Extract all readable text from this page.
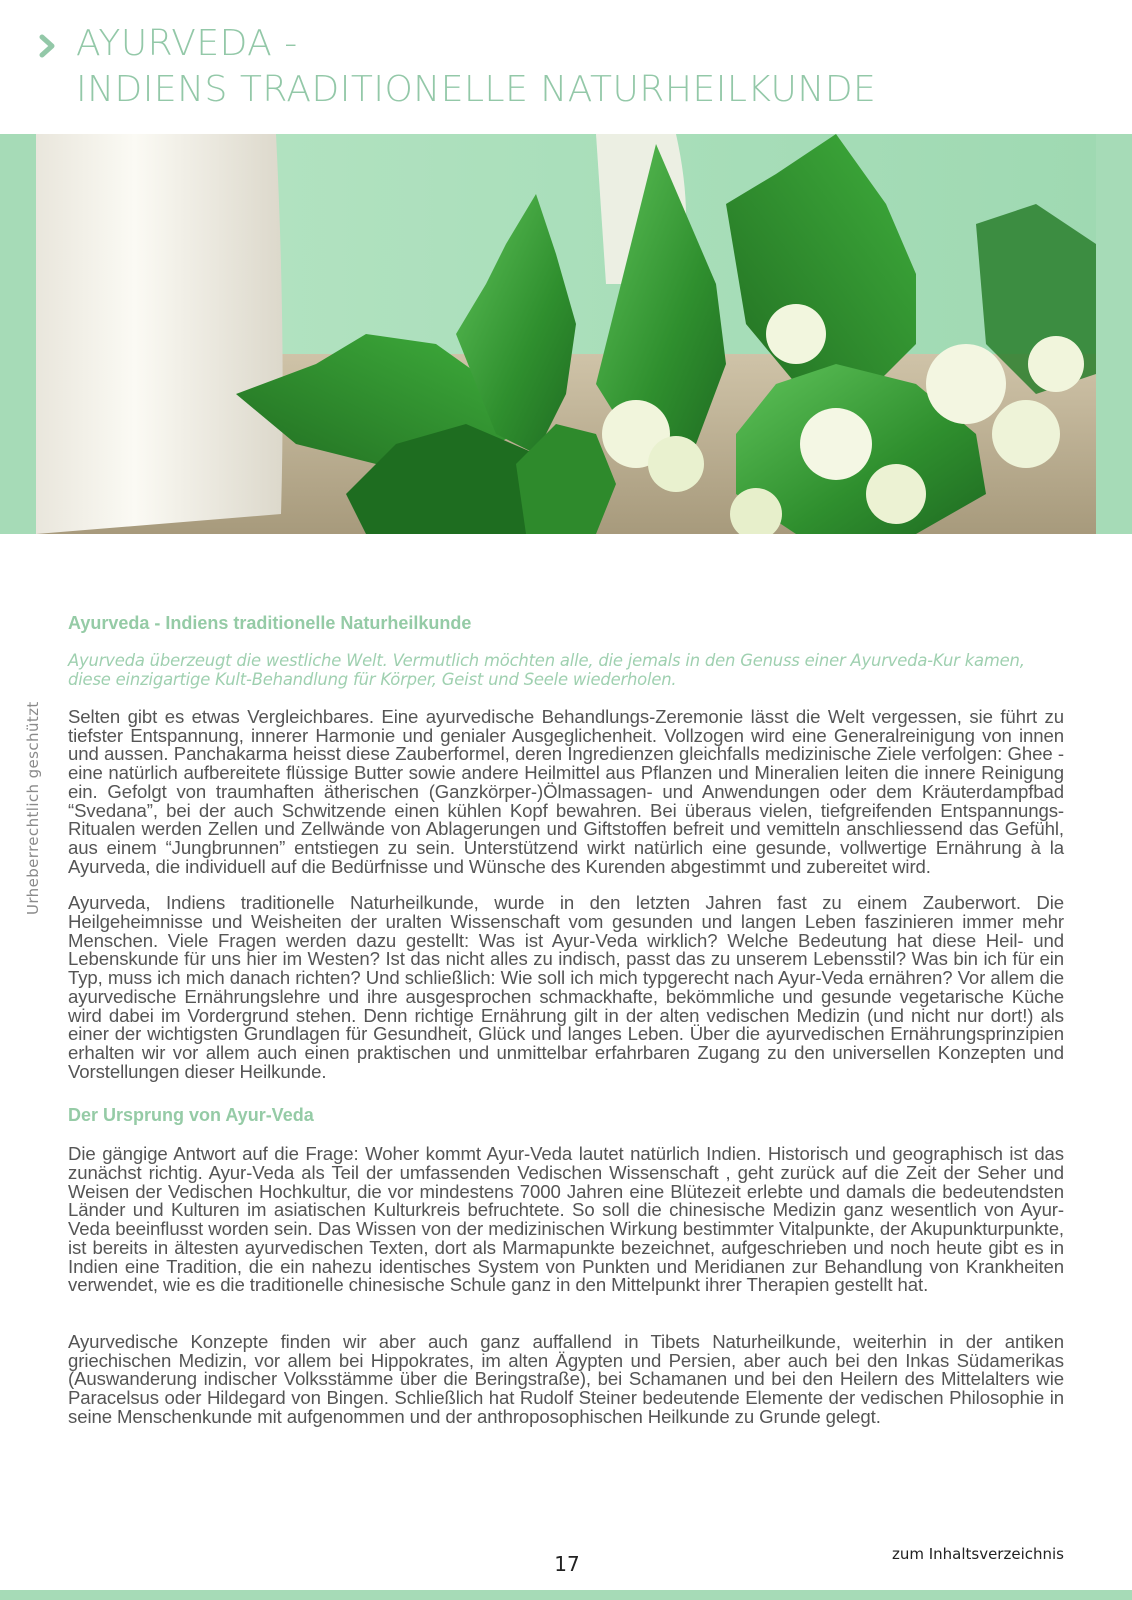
AYURVEDA -
INDIENS TRADITIONELLE NATURHEILKUNDE
Urheberrechtlich geschützt
Ayurveda - Indiens traditionelle Naturheilkunde
Ayurveda überzeugt die westliche Welt. Vermutlich möchten alle, die jemals in den Genuss einer Ayurveda-Kur kamen, diese einzigartige Kult-Behandlung für Körper, Geist und Seele wiederholen.
Selten gibt es etwas Vergleichbares. Eine ayurvedische Behandlungs-Zeremonie lässt die Welt vergessen, sie führt zu tiefster Entspannung, innerer Harmonie und genialer Ausgeglichenheit. Vollzogen wird eine Generalreinigung von innen und aussen. Panchakarma heisst diese Zauberformel, deren Ingredienzen gleichfalls medizinische Ziele verfolgen: Ghee - eine natürlich aufbereitete flüssige Butter sowie andere Heilmittel aus Pflanzen und Mineralien leiten die innere Reinigung ein. Gefolgt von traumhaften ätherischen (Ganzkörper-)Ölmassagen- und Anwendungen oder dem Kräuterdampfbad “Svedana”, bei der auch Schwitzende einen kühlen Kopf bewahren. Bei überaus vielen, tiefgreifenden Entspannungs-Ritualen werden Zellen und Zellwände von Ablagerungen und Giftstoffen befreit und vemitteln anschliessend das Gefühl, aus einem “Jungbrunnen” entstiegen zu sein. Unterstützend wirkt natürlich eine gesunde, vollwertige Ernährung à la Ayurveda, die individuell auf die Bedürfnisse und Wünsche des Kurenden abgestimmt und zubereitet wird.
Ayurveda, Indiens traditionelle Naturheilkunde, wurde in den letzten Jahren fast zu einem Zauberwort. Die Heilgeheimnisse und Weisheiten der uralten Wissenschaft vom gesunden und langen Leben faszinieren immer mehr Menschen. Viele Fragen werden dazu gestellt: Was ist Ayur-Veda wirklich? Welche Bedeutung hat diese Heil- und Lebenskunde für uns hier im Westen? Ist das nicht alles zu indisch, passt das zu unserem Lebensstil? Was bin ich für ein Typ, muss ich mich danach richten? Und schließlich: Wie soll ich mich typgerecht nach Ayur-Veda ernähren? Vor allem die ayurvedische Ernährungslehre und ihre ausgesprochen schmackhafte, bekömmliche und gesunde vegetarische Küche wird dabei im Vordergrund stehen. Denn richtige Ernährung gilt in der alten vedischen Medizin (und nicht nur dort!) als einer der wichtigsten Grundlagen für Gesundheit, Glück und langes Leben. Über die ayurvedischen Ernährungsprinzipien erhalten wir vor allem auch einen praktischen und unmittelbar erfahrbaren Zugang zu den universellen Konzepten und Vorstellungen dieser Heilkunde.
Der Ursprung von Ayur-Veda
Die gängige Antwort auf die Frage: Woher kommt Ayur-Veda lautet natürlich Indien. Historisch und geographisch ist das zunächst richtig. Ayur-Veda als Teil der umfassenden Vedischen Wissenschaft , geht zurück auf die Zeit der Seher und Weisen der Vedischen Hochkultur, die vor mindestens 7000 Jahren eine Blütezeit erlebte und damals die bedeutendsten Länder und Kulturen im asiatischen Kulturkreis befruchtete. So soll die chinesische Medizin ganz wesentlich von Ayur-Veda beeinflusst worden sein. Das Wissen von der medizinischen Wirkung bestimmter Vitalpunkte, der Akupunkturpunkte, ist bereits in ältesten ayurvedischen Texten, dort als Marmapunkte bezeichnet, aufgeschrieben und noch heute gibt es in Indien eine Tradition, die ein nahezu identisches System von Punkten und Meridianen zur Behandlung von Krankheiten verwendet, wie es die traditionelle chinesische Schule ganz in den Mittelpunkt ihrer Therapien gestellt hat.
Ayurvedische Konzepte finden wir aber auch ganz auffallend in Tibets Naturheilkunde, weiterhin in der antiken griechischen Medizin, vor allem bei Hippokrates, im alten Ägypten und Persien, aber auch bei den Inkas Südamerikas (Auswanderung indischer Volksstämme über die Beringstraße), bei Schamanen und bei den Heilern des Mittelalters wie Paracelsus oder Hildegard von Bingen. Schließlich hat Rudolf Steiner bedeutende Elemente der vedischen Philosophie in seine Menschenkunde mit aufgenommen und der anthroposophischen Heilkunde zu Grunde gelegt.
17	zum Inhaltsverzeichnis
